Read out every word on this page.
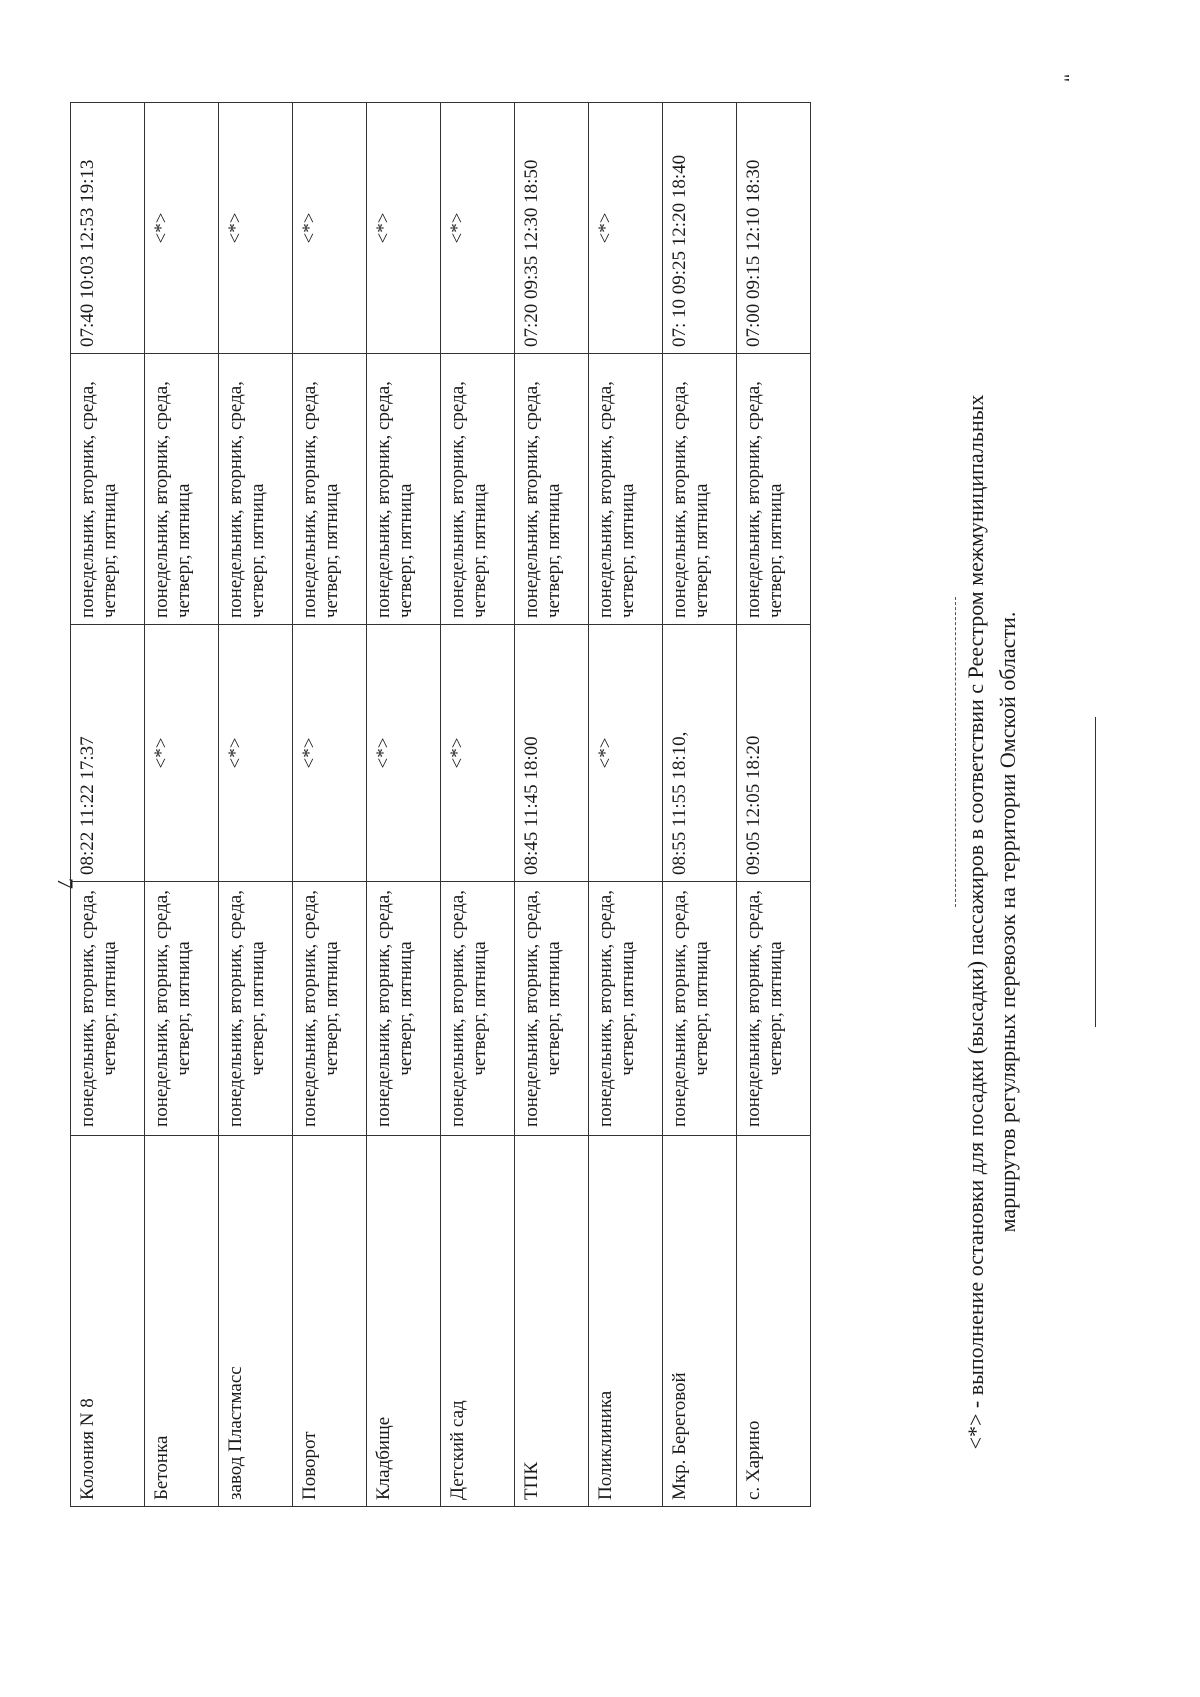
7
Колония N 8	понедельник, вторник, среда, четверг, пятница	08:22 11:22 17:37	понедельник, вторник, среда, четверг, пятница	07:40 10:03 12:53 19:13
Бетонка	понедельник, вторник, среда, четверг, пятница	<*>	понедельник, вторник, среда, четверг, пятница	<*>
завод Пластмасс	понедельник, вторник, среда, четверг, пятница	<*>	понедельник, вторник, среда, четверг, пятница	<*>
Поворот	понедельник, вторник, среда, четверг, пятница	<*>	понедельник, вторник, среда, четверг, пятница	<*>
Кладбище	понедельник, вторник, среда, четверг, пятница	<*>	понедельник, вторник, среда, четверг, пятница	<*>
Детский сад	понедельник, вторник, среда, четверг, пятница	<*>	понедельник, вторник, среда, четверг, пятница	<*>
ТПК	понедельник, вторник, среда, четверг, пятница	08:45 11:45 18:00	понедельник, вторник, среда, четверг, пятница	07:20 09:35 12:30 18:50
Поликлиника	понедельник, вторник, среда, четверг, пятница	<*>	понедельник, вторник, среда, четверг, пятница	<*>
Мкр. Береговой	понедельник, вторник, среда, четверг, пятница	08:55 11:55 18:10,	понедельник, вторник, среда, четверг, пятница	07: 10 09:25 12:20 18:40
с. Харино	понедельник, вторник, среда, четверг, пятница	09:05 12:05 18:20	понедельник, вторник, среда, четверг, пятница	07:00 09:15 12:10 18:30
<*> - выполнение остановки для посадки (высадки) пассажиров в соответствии с Реестром межмуниципальных маршрутов регулярных перевозок на территории Омской области.
"
